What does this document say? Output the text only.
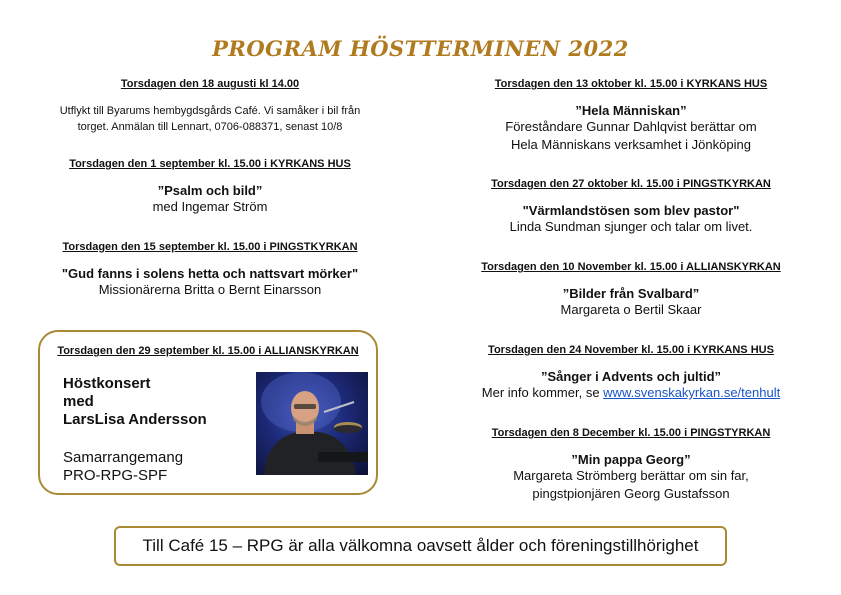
PROGRAM HÖSTTERMINEN 2022
Torsdagen den 18 augusti kl 14.00
Utflykt till Byarums hembygdsgårds Café. Vi samåker i bil från
torget. Anmälan till Lennart, 0706-088371, senast 10/8
Torsdagen den 1 september kl. 15.00 i KYRKANS HUS
”Psalm och bild”
med Ingemar Ström
Torsdagen den 15 september kl. 15.00 i PINGSTKYRKAN
"Gud fanns i solens hetta och nattsvart mörker"
Missionärerna Britta o Bernt Einarsson
Torsdagen den 29 september kl. 15.00 i ALLIANSKYRKAN
Höstkonsert
med
LarsLisa Andersson
Samarrangemang
PRO-RPG-SPF
Torsdagen den 13 oktober kl. 15.00 i KYRKANS HUS
”Hela Människan”
Föreståndare Gunnar Dahlqvist berättar om
Hela Människans verksamhet i Jönköping
Torsdagen den 27 oktober kl. 15.00 i PINGSTKYRKAN
"Värmlandstösen som blev pastor"
Linda Sundman sjunger och talar om livet.
Torsdagen den 10 November kl. 15.00 i ALLIANSKYRKAN
”Bilder från Svalbard”
Margareta o Bertil Skaar
Torsdagen den 24 November kl. 15.00 i KYRKANS HUS
”Sånger i Advents och jultid”
Mer info kommer, se www.svenskakyrkan.se/tenhult
Torsdagen den 8 December kl. 15.00 i PINGSTYRKAN
”Min pappa Georg”
Margareta Strömberg berättar om sin far,
pingstpionjären Georg Gustafsson
Till Café 15 – RPG är alla välkomna oavsett ålder och föreningstillhörighet
